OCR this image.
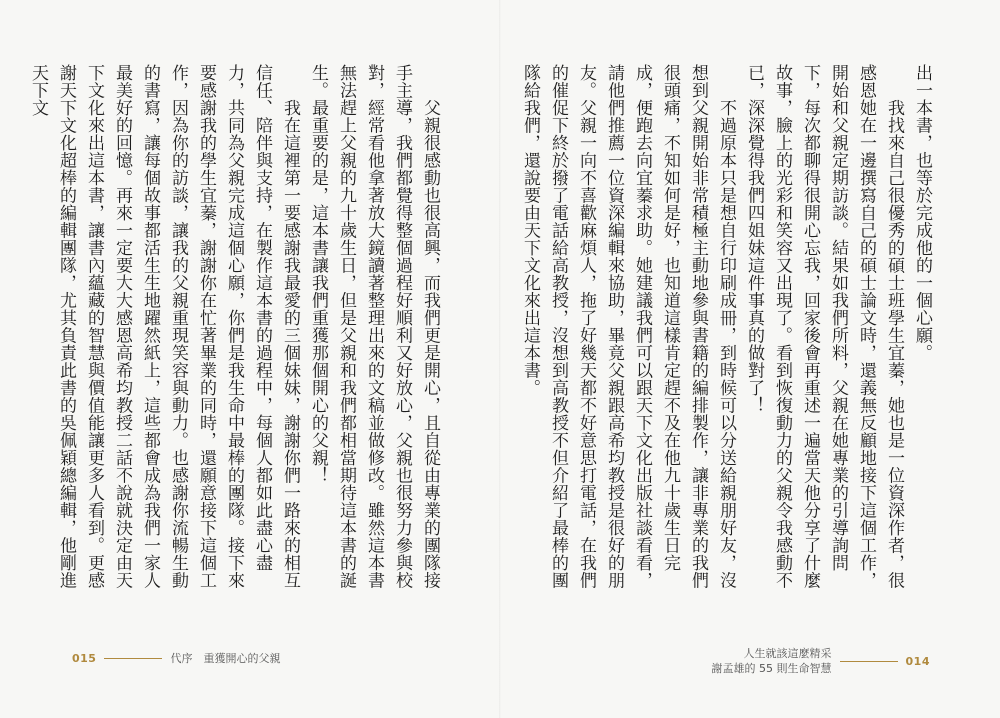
　　父親很感動也很高興，而我們更是開心，且自從由專業的團隊接手主導，我們都覺得整個過程好順利又好放心，父親也很努力參與校對，經常看他拿著放大鏡讀著整理出來的文稿並做修改。雖然這本書無法趕上父親的九十歲生日，但是父親和我們都相當期待這本書的誕生。最重要的是，這本書讓我們重獲那個開心的父親！
　　我在這裡第一要感謝我最愛的三個妹妹，謝謝你們一路來的相互信任、陪伴與支持，在製作這本書的過程中，每個人都如此盡心盡力，共同為父親完成這個心願，你們是我生命中最棒的團隊。接下來要感謝我的學生宜蓁，謝謝你在忙著畢業的同時，還願意接下這個工作，因為你的訪談，讓我的父親重現笑容與動力。也感謝你流暢生動的書寫，讓每個故事都活生生地躍然紙上，這些都會成為我們一家人最美好的回憶。再來一定要大大感恩高希均教授二話不說就決定由天下文化來出這本書，讓書內蘊藏的智慧與價值能讓更多人看到。更感謝天下文化超棒的編輯團隊，尤其負責此書的吳佩穎總編輯，他剛進天下文
015	代序　重獲開心的父親
出一本書，也等於完成他的一個心願。
　　我找來自己很優秀的碩士班學生宜蓁，她也是一位資深作者，很感恩她在一邊撰寫自己的碩士論文時，還義無反顧地接下這個工作，開始和父親定期訪談。結果如我們所料，父親在她專業的引導詢問下，每次都聊得很開心忘我，回家後會再重述一遍當天他分享了什麼故事，臉上的光彩和笑容又出現了。看到恢復動力的父親令我感動不已，深深覺得我們四姐妹這件事真的做對了！
　　不過原本只是想自行印刷成冊，到時候可以分送給親朋好友，沒想到父親開始非常積極主動地參與書籍的編排製作，讓非專業的我們很頭痛，不知如何是好，也知道這樣肯定趕不及在他九十歲生日完成，便跑去向宜蓁求助。她建議我們可以跟天下文化出版社談看看，請他們推薦一位資深編輯來協助，畢竟父親跟高希均教授是很好的朋友。父親一向不喜歡麻煩人，拖了好幾天都不好意思打電話，在我們的催促下終於撥了電話給高教授，沒想到高教授不但介紹了最棒的團隊給我們，還說要由天下文化來出這本書。
人生就該這麼精采
謝孟雄的 55 則生命智慧
014
